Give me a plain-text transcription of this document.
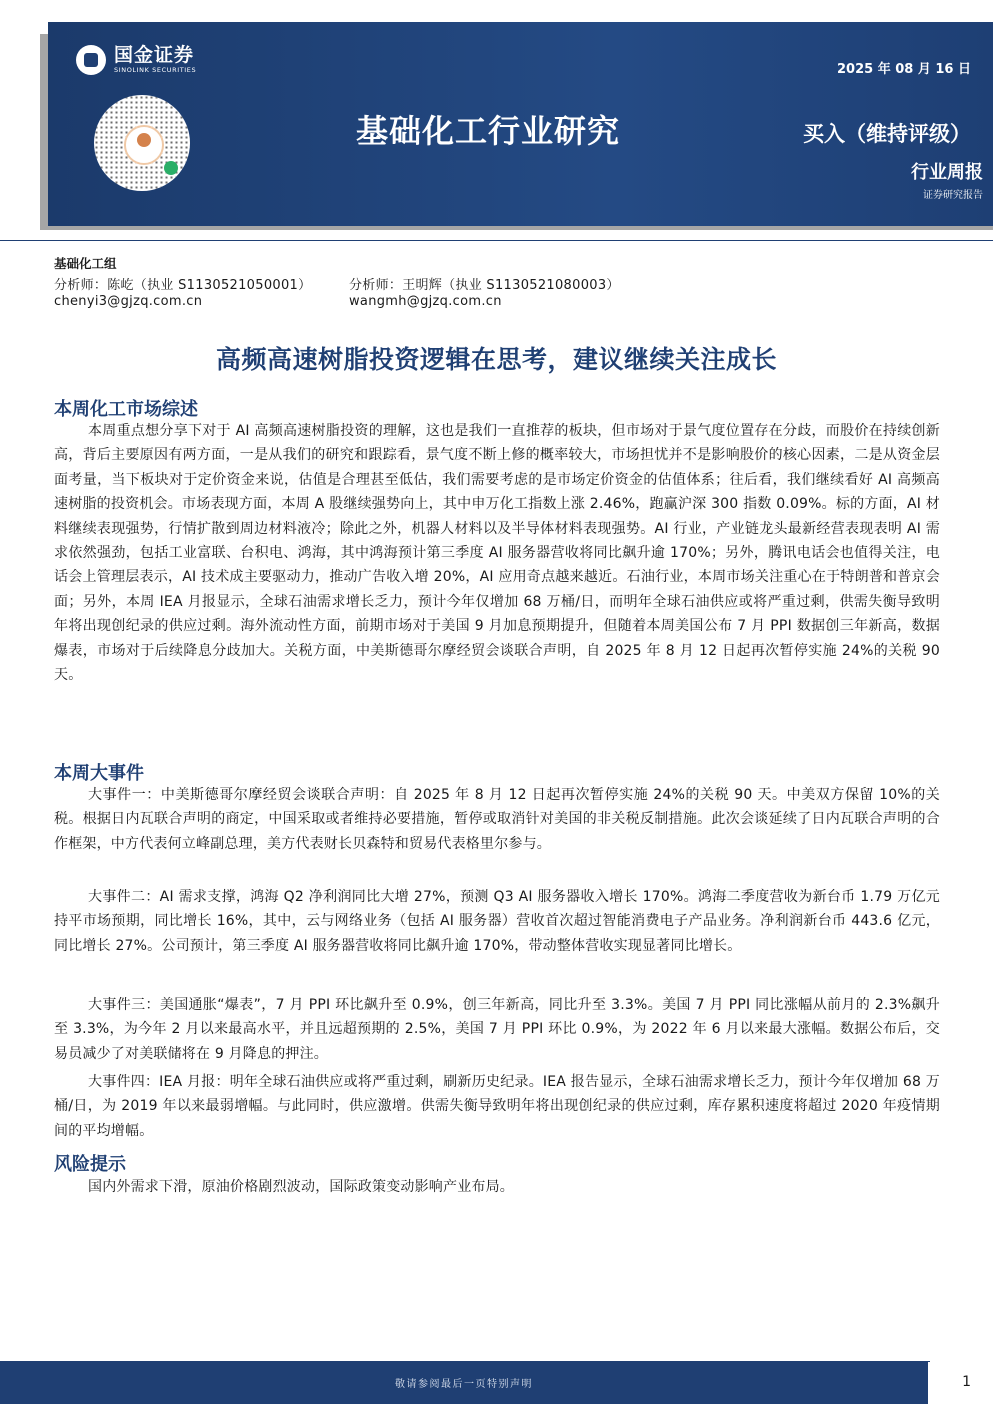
国金证券
SINOLINK SECURITIES	2025 年 08 月 16 日
基础化工行业研究	买入（维持评级）
行业周报
证券研究报告
基础化工组
分析师：陈屹（执业 S1130521050001）	分析师：王明辉（执业 S1130521080003）
chenyi3@gjzq.com.cn	wangmh@gjzq.com.cn
高频高速树脂投资逻辑在思考，建议继续关注成长
本周化工市场综述

本周重点想分享下对于 AI 高频高速树脂投资的理解，这也是我们一直推荐的板块，但市场对于景气度位置存在分歧，而股价在持续创新高，背后主要原因有两方面，一是从我们的研究和跟踪看，景气度不断上修的概率较大，市场担忧并不是影响股价的核心因素，二是从资金层面考量，当下板块对于定价资金来说，估值是合理甚至低估，我们需要考虑的是市场定价资金的估值体系；往后看，我们继续看好 AI 高频高速树脂的投资机会。市场表现方面，本周 A 股继续强势向上，其中申万化工指数上涨 2.46%，跑赢沪深 300 指数 0.09%。标的方面，AI 材料继续表现强势，行情扩散到周边材料液冷；除此之外，机器人材料以及半导体材料表现强势。AI 行业，产业链龙头最新经营表现表明 AI 需求依然强劲，包括工业富联、台积电、鸿海，其中鸿海预计第三季度 AI 服务器营收将同比飙升逾 170%；另外，腾讯电话会也值得关注，电话会上管理层表示，AI 技术成主要驱动力，推动广告收入增 20%，AI 应用奇点越来越近。石油行业，本周市场关注重心在于特朗普和普京会面；另外，本周 IEA 月报显示，全球石油需求增长乏力，预计今年仅增加 68 万桶/日，而明年全球石油供应或将严重过剩，供需失衡导致明年将出现创纪录的供应过剩。海外流动性方面，前期市场对于美国 9 月加息预期提升，但随着本周美国公布 7 月 PPI 数据创三年新高，数据爆表，市场对于后续降息分歧加大。关税方面，中美斯德哥尔摩经贸会谈联合声明，自 2025 年 8 月 12 日起再次暂停实施 24%的关税 90 天。

本周大事件

大事件一：中美斯德哥尔摩经贸会谈联合声明：自 2025 年 8 月 12 日起再次暂停实施 24%的关税 90 天。中美双方保留 10%的关税。根据日内瓦联合声明的商定，中国采取或者维持必要措施，暂停或取消针对美国的非关税反制措施。此次会谈延续了日内瓦联合声明的合作框架，中方代表何立峰副总理，美方代表财长贝森特和贸易代表格里尔参与。

大事件二：AI 需求支撑，鸿海 Q2 净利润同比大增 27%，预测 Q3 AI 服务器收入增长 170%。鸿海二季度营收为新台币 1.79 万亿元持平市场预期，同比增长 16%，其中，云与网络业务（包括 AI 服务器）营收首次超过智能消费电子产品业务。净利润新台币 443.6 亿元，同比增长 27%。公司预计，第三季度 AI 服务器营收将同比飙升逾 170%，带动整体营收实现显著同比增长。

大事件三：美国通胀“爆表”，7 月 PPI 环比飙升至 0.9%，创三年新高，同比升至 3.3%。美国 7 月 PPI 同比涨幅从前月的 2.3%飙升至 3.3%，为今年 2 月以来最高水平，并且远超预期的 2.5%，美国 7 月 PPI 环比 0.9%，为 2022 年 6 月以来最大涨幅。数据公布后，交易员减少了对美联储将在 9 月降息的押注。

大事件四：IEA 月报：明年全球石油供应或将严重过剩，刷新历史纪录。IEA 报告显示，全球石油需求增长乏力，预计今年仅增加 68 万桶/日，为 2019 年以来最弱增幅。与此同时，供应激增。供需失衡导致明年将出现创纪录的供应过剩，库存累积速度将超过 2020 年疫情期间的平均增幅。

风险提示

国内外需求下滑，原油价格剧烈波动，国际政策变动影响产业布局。

敬请参阅最后一页特别声明	1
